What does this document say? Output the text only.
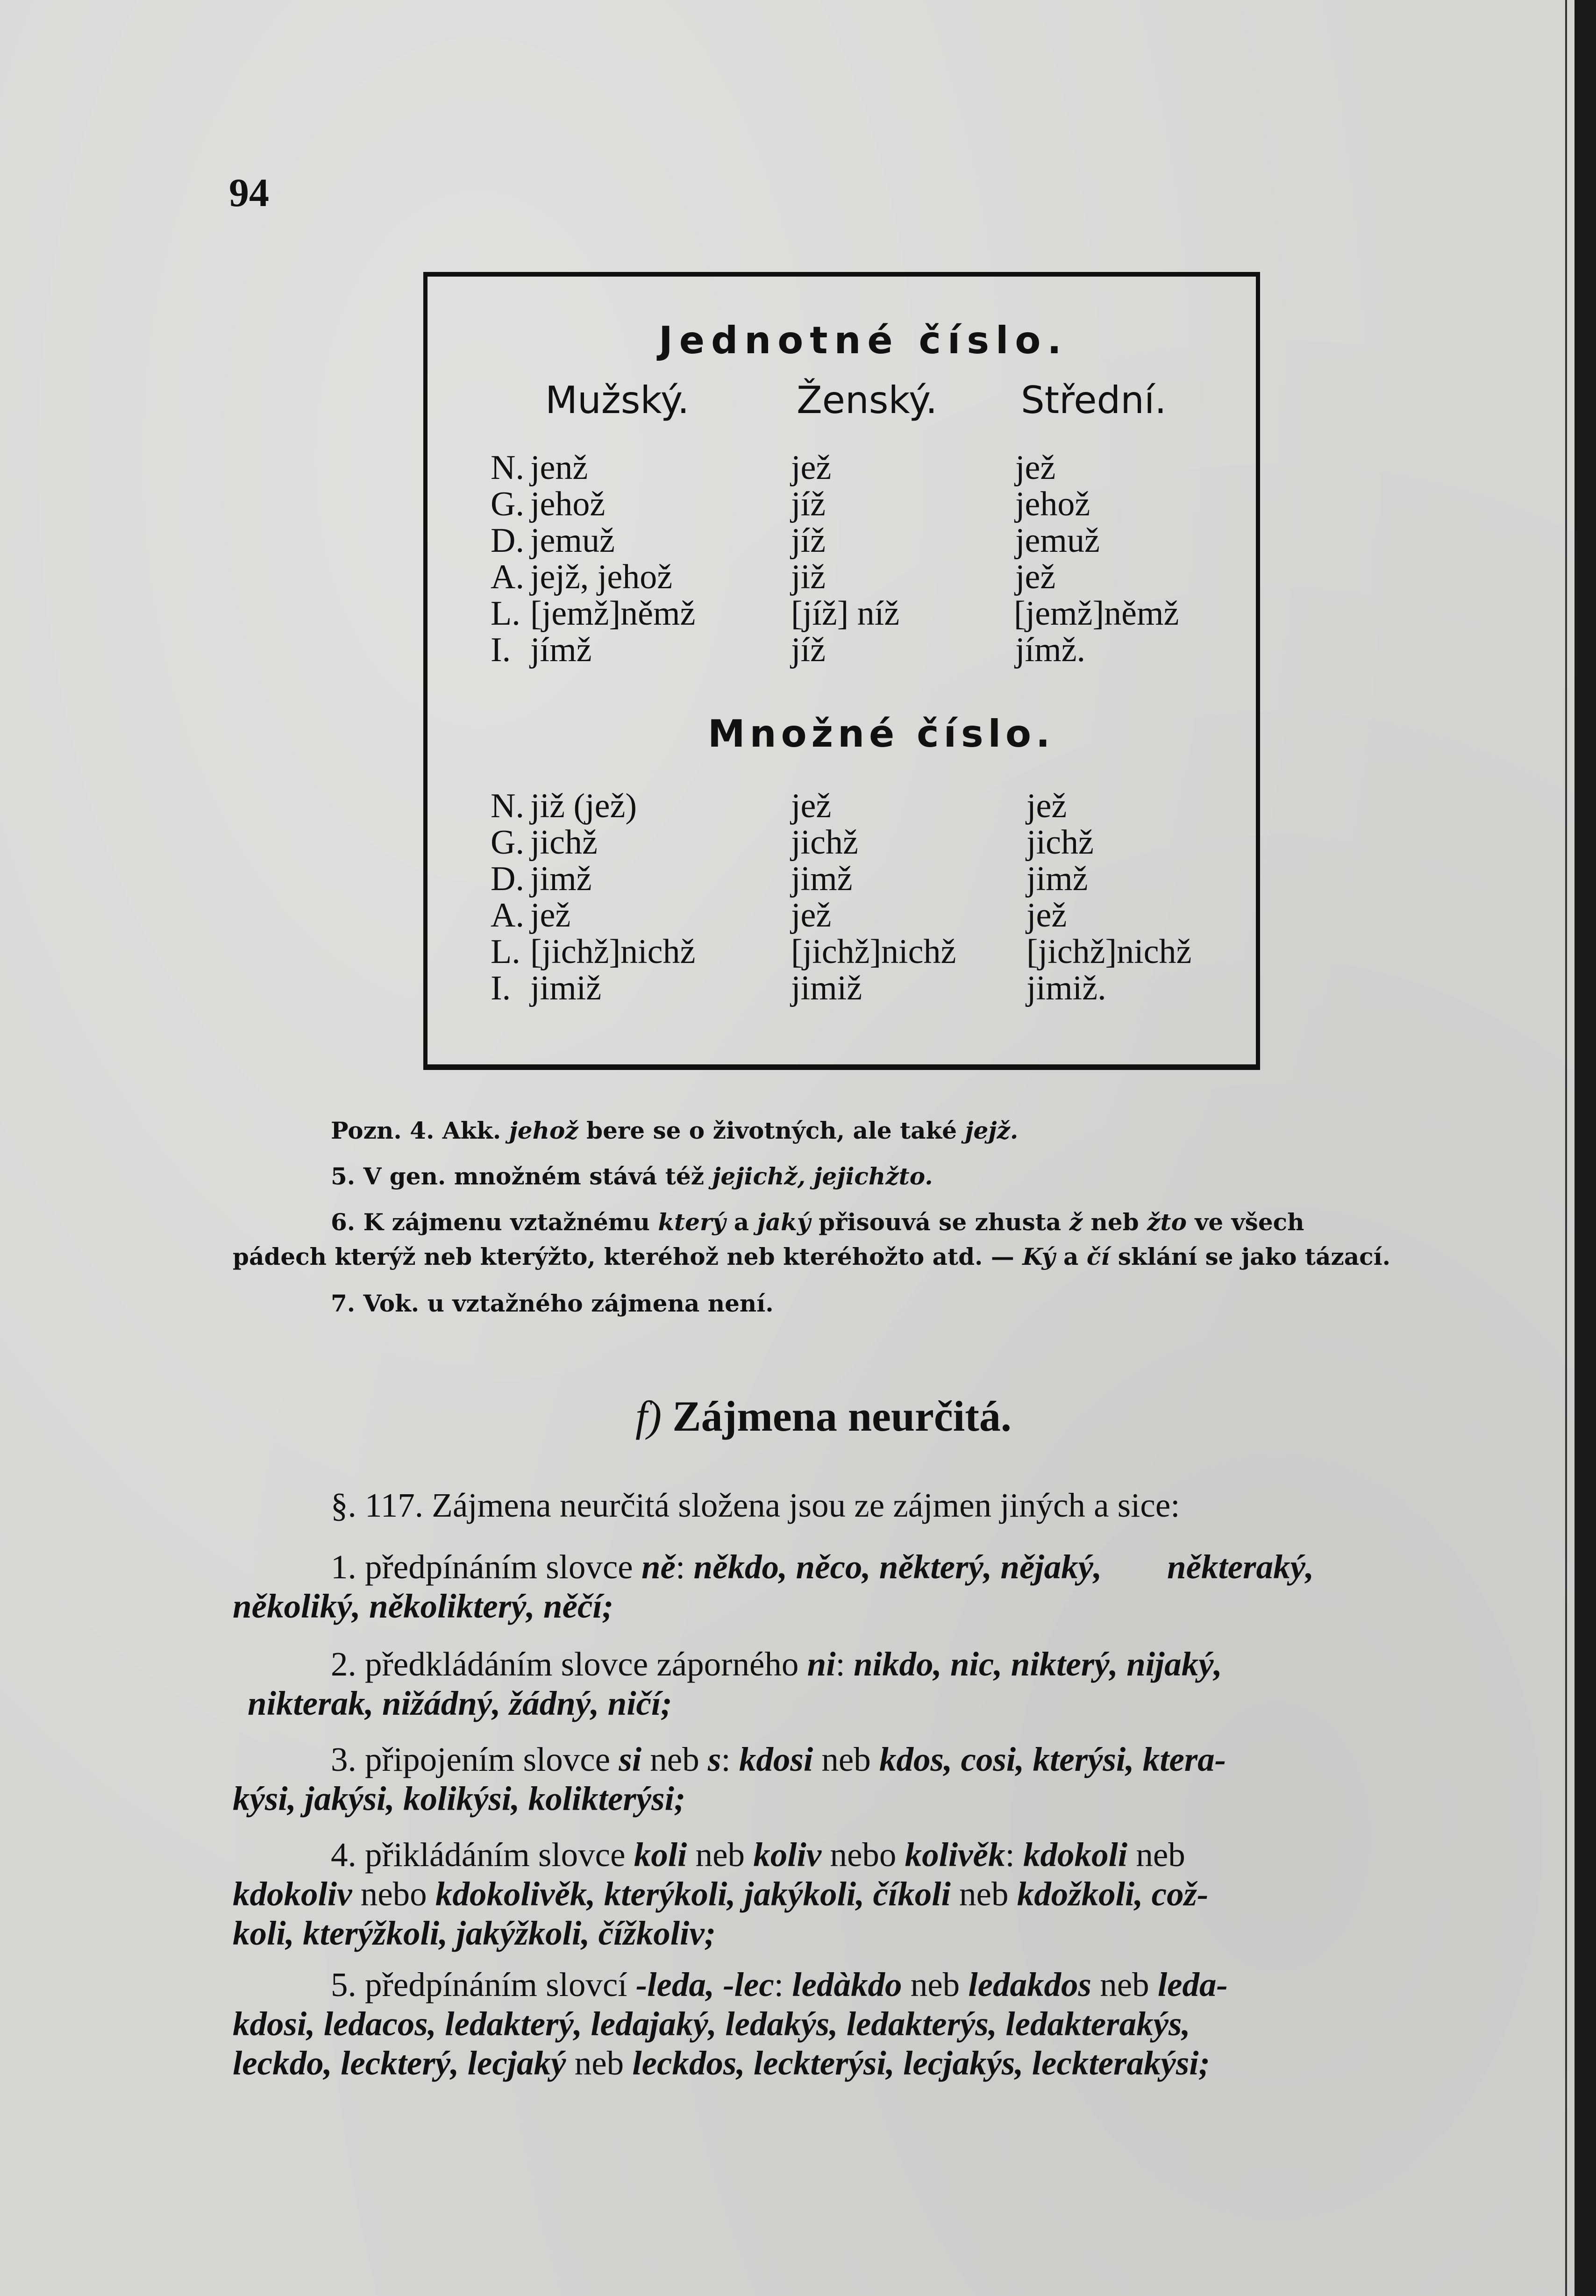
94
Jednotné číslo.
Mužský.	Ženský. Střední.
N. jenž	jež	jež
G. jehož	jíž	jehož
D. jemuž	jíž	jemuž
A. jejž, jehož	již	jež
L. [jemž]němž	[jíž] níž	[jemž]němž
I. jímž	jíž	jímž.
Množné číslo.
N. již (jež)	jež	jež
G. jichž	jichž	jichž
D. jimž	jimž	jimž
A. jež	jež	jež
L. [jichž]nichž	[jichž]nichž [jichž]nichž
I. jimiž	jimiž	jimiž.
Pozn. 4. Akk. jehož bere se o životných, ale také jejž.
5. V gen. množném stává též jejichž, jejichžto.
6. K zájmenu vztažnému který a jaký přisouvá se zhusta ž neb žto ve všech
pádech kterýž neb kterýžto, kteréhož neb kteréhožto atd. — Ký a čí sklání se jako tázací.
7. Vok. u vztažného zájmena není.
f) Zájmena neurčitá.
§. 117. Zájmena neurčitá složena jsou ze zájmen jiných a sice:
1. předpínáním slovce ně: někdo, něco, některý, nějaký,
několiký, několikterý, něčí;
některaký,
2. předkládáním slovce záporného ni: nikdo, nic, nikterý, nijaký,
nikterak, nižádný, žádný, ničí;
3. připojením slovce si neb s: kdosi neb kdos, cosi, kterýsi, ktera-
kýsi, jakýsi, kolikýsi, kolikterýsi;
4. přikládáním slovce koli neb koliv nebo kolivěk: kdokoli neb
kdokoliv nebo kdokolivěk, kterýkoli, jakýkoli, číkoli neb kdožkoli, což-
koli, kterýžkoli, jakýžkoli, čížkoliv;
5. předpínáním slovcí -leda, -lec: ledàkdo neb ledakdos neb leda-
kdosi, ledacos, ledakterý, ledajaký, ledakýs, ledakterýs, ledakterakýs,
leckdo, leckterý, lecjaký neb leckdos, leckterýsi, lecjakýs, leckterakýsi;
